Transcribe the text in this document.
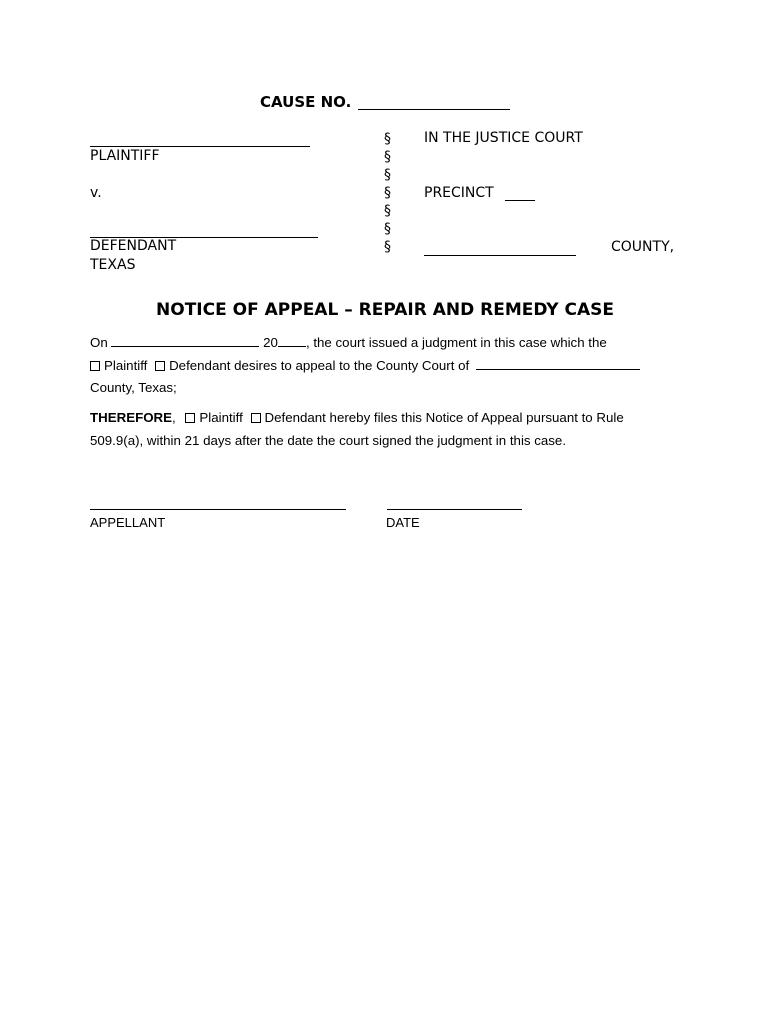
CAUSE NO.
PLAINTIFF
v.
DEFENDANT
TEXAS
§
§
§
§
§
§
§
IN THE JUSTICE COURT
PRECINCT
COUNTY,
NOTICE OF APPEAL – REPAIR AND REMEDY CASE
On	20 , the court issued a judgment in this case which the
Plaintiff Defendant desires to appeal to the County Court of
County, Texas;
THEREFORE, Plaintiff Defendant hereby files this Notice of Appeal pursuant to Rule
509.9(a), within 21 days after the date the court signed the judgment in this case.
APPELLANT	DATE
